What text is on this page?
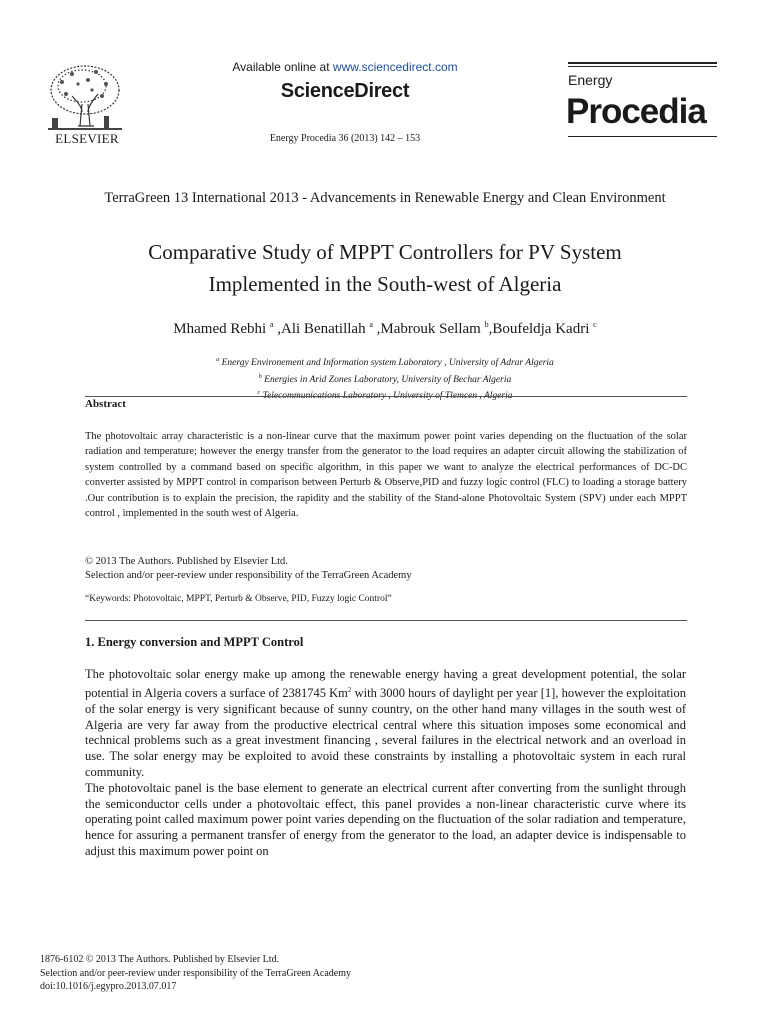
ELSEVIER
Available online at www.sciencedirect.com
ScienceDirect
Energy Procedia 36 (2013) 142 – 153
Energy
Procedia
TerraGreen 13 International 2013 - Advancements in Renewable Energy and Clean Environment
Comparative Study of MPPT Controllers for PV System
Implemented in the South-west of Algeria
Mhamed Rebhi $^a$ ,Ali Benatillah $^a$ ,Mabrouk Sellam $^b$,Boufeldja Kadri $^c$
$^a$ Energy Environement and Information system Laboratory , University of Adrar Algeria
$^b$ Energies in Arid Zones Laboratory, University of Bechar Algeria
$^c$
Abstract
The photovoltaic array characteristic is a non-linear curve that the maximum power point varies depending on the fluctuation of the solar radiation and temperature; however the energy transfer from the generator to the load requires an adapter circuit allowing the stabilization of system controlled by a command based on specific algorithm, in this paper we want to analyze the electrical performances of DC-DC converter assisted by MPPT control in comparison between Perturb & Observe,PID and fuzzy logic control (FLC) to loading a storage battery .Our contribution is to explain the precision, the rapidity and the stability of the Stand-alone Photovoltaic System (SPV) under each MPPT control , implemented in the south west of Algeria.
© 2013 The Authors. Published by Elsevier Ltd.
Selection and/or peer-review under responsibility of the TerraGreen Academy
“Keywords: Photovoltaic, MPPT, Perturb & Observe, PID, Fuzzy logic Control”
1. Energy conversion and MPPT Control

The photovoltaic solar energy make up among the renewable energy having a great development potential, the solar potential in Algeria covers a surface of 2381745 Km$^2$ with 3000 hours of daylight per year [1], however the exploitation of the solar energy is very significant because of sunny country, on the other hand many villages in the south west of Algeria are very far away from the productive electrical central where this situation imposes some economical and technical problems such as a great investment financing , several failures in the electrical network and an overload in use. The solar energy may be exploited to avoid these constraints by installing a photovoltaic system in each rural community.

The photovoltaic panel is the base element to generate an electrical current after converting from the sunlight through the semiconductor cells under a photovoltaic effect, this panel provides a non-linear characteristic curve where its operating point called maximum power point varies depending on the fluctuation of the solar radiation and temperature, hence for assuring a permanent transfer of energy from the generator to the load, an adapter device is indispensable to adjust this maximum power point on

1876-6102 © 2013 The Authors. Published by Elsevier Ltd.
Selection and/or peer-review under responsibility of the TerraGreen Academy
doi:10.1016/j.egypro.2013.07.017
